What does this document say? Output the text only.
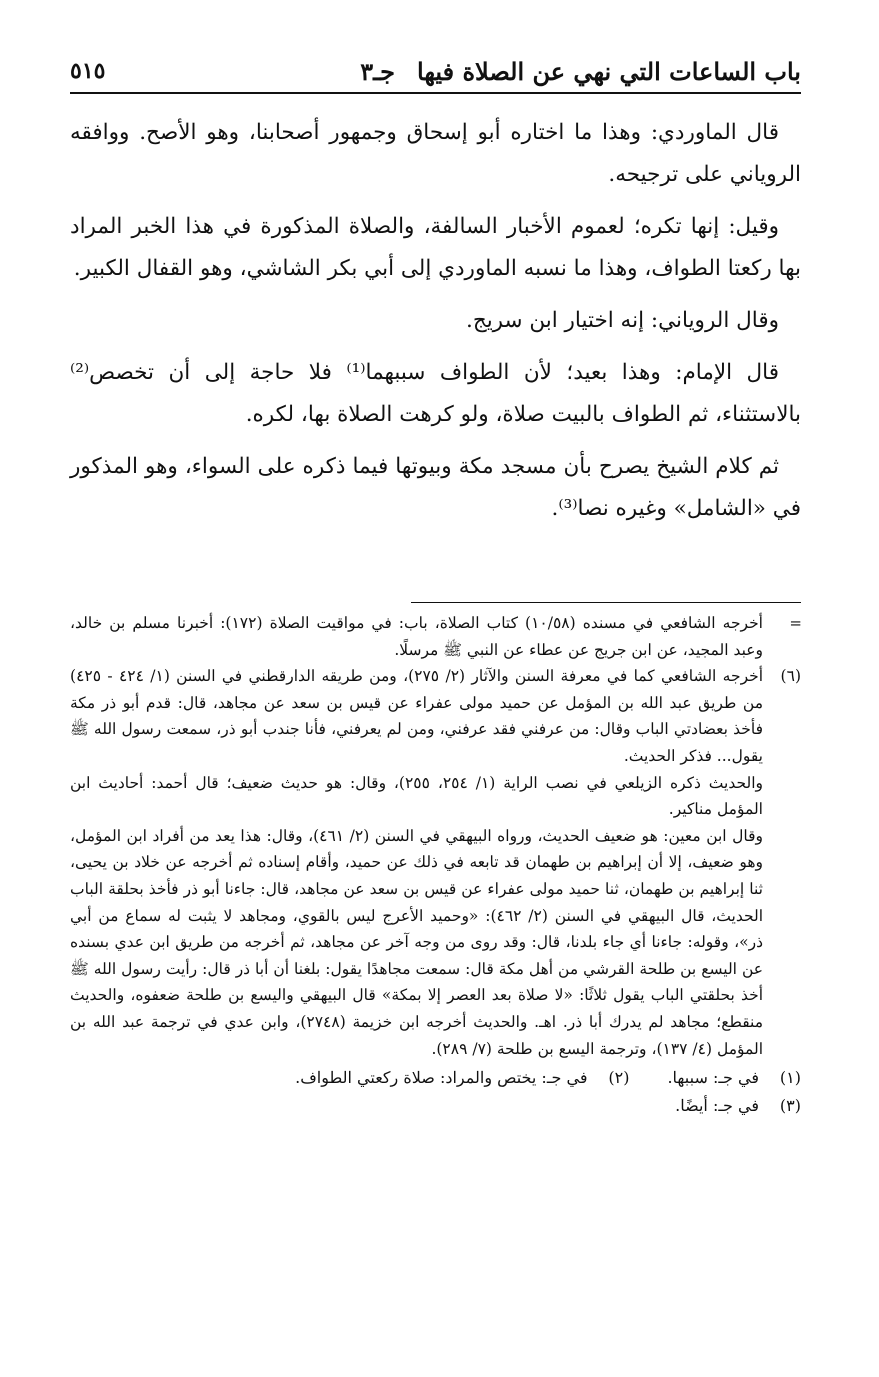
باب الساعات التي نهي عن الصلاة فيهاجـ٣
٥١٥

قال الماوردي: وهذا ما اختاره أبو إسحاق وجمهور أصحابنا، وهو الأصح. ووافقه الروياني على ترجيحه.

وقيل: إنها تكره؛ لعموم الأخبار السالفة، والصلاة المذكورة في هذا الخبر المراد بها ركعتا الطواف، وهذا ما نسبه الماوردي إلى أبي بكر الشاشي، وهو القفال الكبير.

وقال الروياني: إنه اختيار ابن سريج.

قال الإمام: وهذا بعيد؛ لأن الطواف سببهما⁽¹⁾ فلا حاجة إلى أن تخصص⁽²⁾ بالاستثناء، ثم الطواف بالبيت صلاة، ولو كرهت الصلاة بها، لكره.

ثم كلام الشيخ يصرح بأن مسجد مكة وبيوتها فيما ذكره على السواء، وهو المذكور في «الشامل» وغيره نصا⁽³⁾.

=

أخرجه الشافعي في مسنده (١٠/٥٨) كتاب الصلاة، باب: في مواقيت الصلاة (١٧٢): أخبرنا مسلم بن خالد، وعبد المجيد، عن ابن جريج عن عطاء عن النبي ﷺ مرسلًا.

(٦)

أخرجه الشافعي كما في معرفة السنن والآثار (٢/ ٢٧٥)، ومن طريقه الدارقطني في السنن (١/ ٤٢٤ - ٤٢٥) من طريق عبد الله بن المؤمل عن حميد مولى عفراء عن قيس بن سعد عن مجاهد، قال: قدم أبو ذر مكة فأخذ بعضادتي الباب وقال: من عرفني فقد عرفني، ومن لم يعرفني، فأنا جندب أبو ذر، سمعت رسول الله ﷺ يقول... فذكر الحديث.

والحديث ذكره الزيلعي في نصب الراية (١/ ٢٥٤، ٢٥٥)، وقال: هو حديث ضعيف؛ قال أحمد: أحاديث ابن المؤمل مناكير.

وقال ابن معين: هو ضعيف الحديث، ورواه البيهقي في السنن (٢/ ٤٦١)، وقال: هذا يعد من أفراد ابن المؤمل، وهو ضعيف، إلا أن إبراهيم بن طهمان قد تابعه في ذلك عن حميد، وأقام إسناده ثم أخرجه عن خلاد بن يحيى، ثنا إبراهيم بن طهمان، ثنا حميد مولى عفراء عن قيس بن سعد عن مجاهد، قال: جاءنا أبو ذر فأخذ بحلقة الباب الحديث، قال البيهقي في السنن (٢/ ٤٦٢): «وحميد الأعرج ليس بالقوي، ومجاهد لا يثبت له سماع من أبي ذر»، وقوله: جاءنا أي جاء بلدنا، قال: وقد روى من وجه آخر عن مجاهد، ثم أخرجه من طريق ابن عدي بسنده عن اليسع بن طلحة القرشي من أهل مكة قال: سمعت مجاهدًا يقول: بلغنا أن أبا ذر قال: رأيت رسول الله ﷺ أخذ بحلقتي الباب يقول ثلاثًا: «لا صلاة بعد العصر إلا بمكة» قال البيهقي واليسع بن طلحة ضعفوه، والحديث منقطع؛ مجاهد لم يدرك أبا ذر. اهـ. والحديث أخرجه ابن خزيمة (٢٧٤٨)، وابن عدي في ترجمة عبد الله بن المؤمل (٤/ ١٣٧)، وترجمة اليسع بن طلحة (٧/ ٢٨٩).

(١)
في جـ: سببها.
(٢)
في جـ: يختص والمراد: صلاة ركعتي الطواف.
(٣)
في جـ: أيضًا.
